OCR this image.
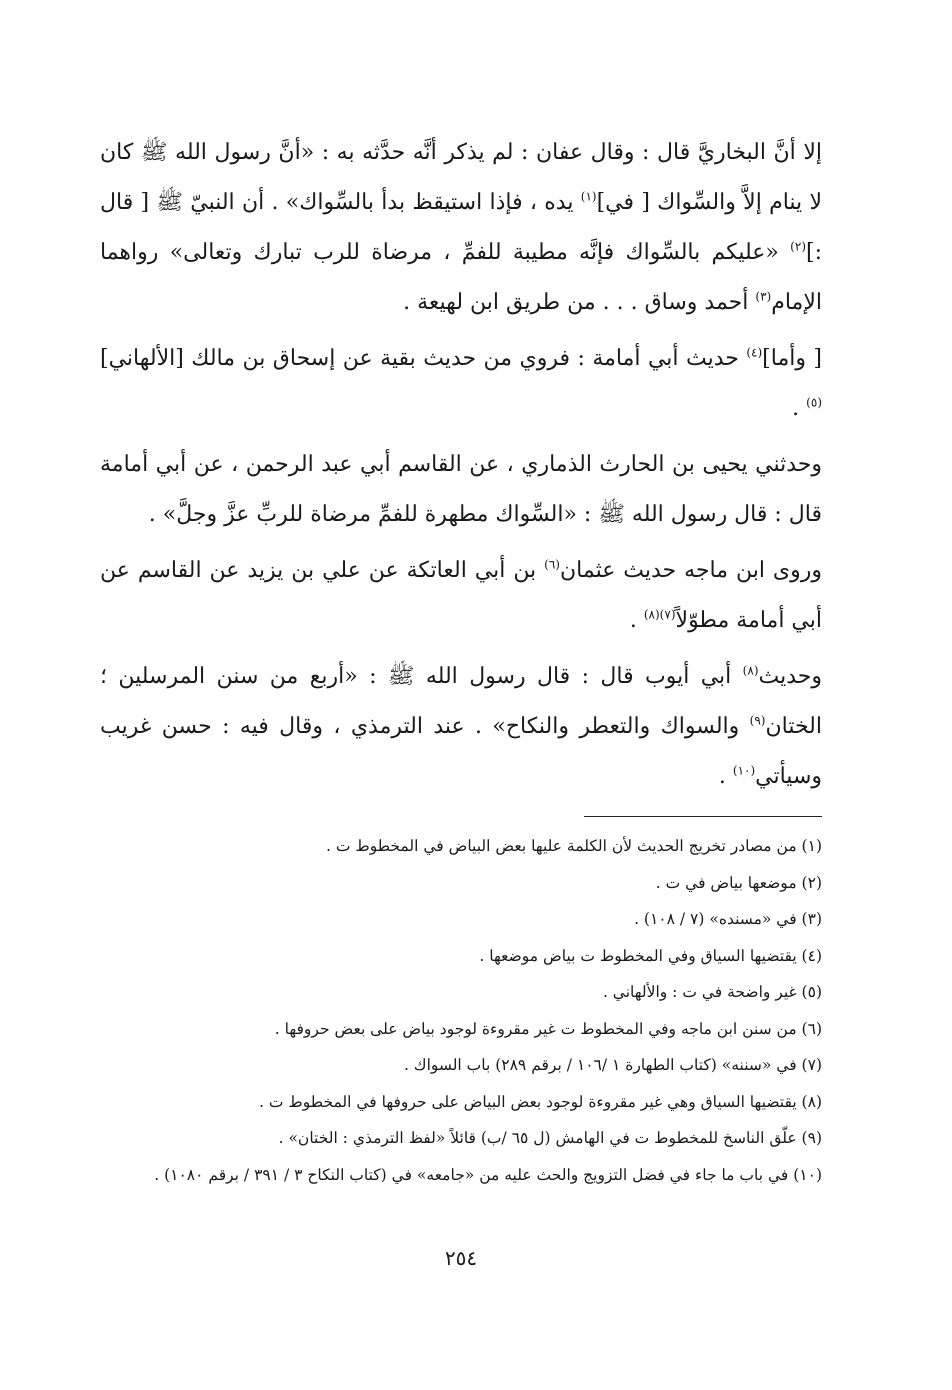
إلا أنَّ البخاريَّ قال : وقال عفان : لم يذكر أنَّه حدَّثه به : «أنَّ رسول الله ﷺ كان لا ينام إلاَّ والسِّواك [ في]$^{(١)}$ يده ، فإذا استيقظ بدأ بالسِّواك» . أن النبيّ ﷺ [ قال :]$^{(٢)}$ «عليكم بالسِّواك فإنَّه مطيبة للفمِّ ، مرضاة للرب تبارك وتعالى» رواهما الإمام$^{(٣)}$ أحمد وساق . . . من طريق ابن لهيعة .

[ وأما]$^{(٤)}$ حديث أبي أمامة : فروي من حديث بقية عن إسحاق بن مالك [الألهاني]$^{(٥)}$ .

وحدثني يحيى بن الحارث الذماري ، عن القاسم أبي عبد الرحمن ، عن أبي أمامة قال : قال رسول الله ﷺ : «السِّواك مطهرة للفمِّ مرضاة للربِّ عزَّ وجلَّ» .

وروى ابن ماجه حديث عثمان$^{(٦)}$ بن أبي العاتكة عن علي بن يزيد عن القاسم عن أبي أمامة مطوّلاً$^{(٧)(٨)}$ .

وحديث$^{(٨)}$ أبي أيوب قال : قال رسول الله ﷺ : «أربع من سنن المرسلين ؛ الختان$^{(٩)}$ والسواك والتعطر والنكاح» . عند الترمذي ، وقال فيه : حسن غريب وسيأتي$^{(١٠)}$ .

(١) من مصادر تخريج الحديث لأن الكلمة عليها بعض البياض في المخطوط ت .

(٢) موضعها بياض في ت .

(٣) في «مسنده» (٧ / ١٠٨) .

(٤) يقتضيها السياق وفي المخطوط ت بياض موضعها .

(٥) غير واضحة في ت : والألهاني .

(٦) من سنن ابن ماجه وفي المخطوط ت غير مقروءة لوجود بياض على بعض حروفها .

(٧) في «سننه» (كتاب الطهارة ١ /١٠٦ / برقم ٢٨٩) باب السواك .

(٨) يقتضيها السياق وهي غير مقروءة لوجود بعض البياض على حروفها في المخطوط ت .

(٩) علّق الناسخ للمخطوط ت في الهامش (ل ٦٥ /ب) قائلاً «لفظ الترمذي : الختان» .

(١٠) في باب ما جاء في فضل التزويج والحث عليه من «جامعه» في (كتاب النكاح ٣ / ٣٩١ / برقم ١٠٨٠) .

٢٥٤
